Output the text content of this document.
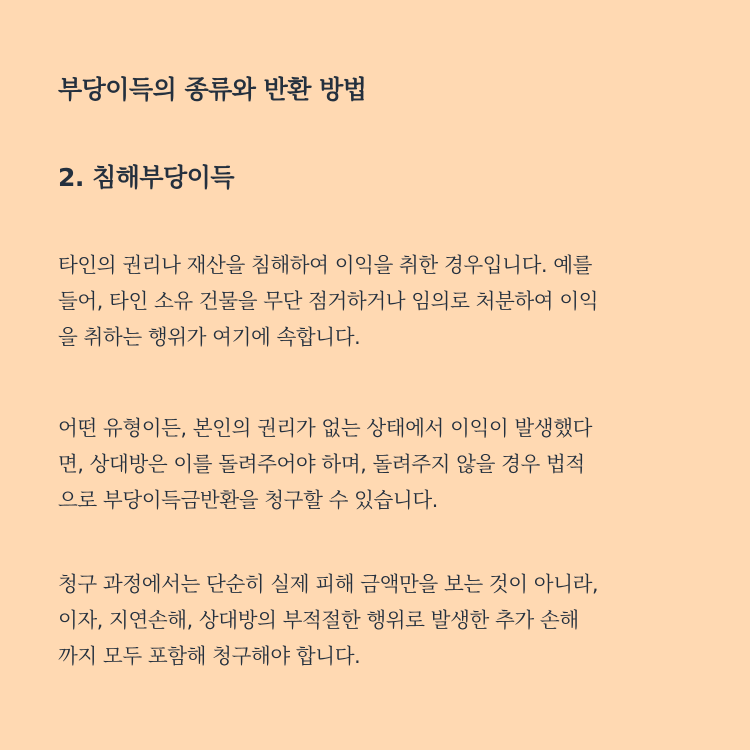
부당이득의 종류와 반환 방법
2. 침해부당이득

타인의 권리나 재산을 침해하여 이익을 취한 경우입니다. 예를
들어, 타인 소유 건물을 무단 점거하거나 임의로 처분하여 이익
을 취하는 행위가 여기에 속합니다.

어떤 유형이든, 본인의 권리가 없는 상태에서 이익이 발생했다
면, 상대방은 이를 돌려주어야 하며, 돌려주지 않을 경우 법적
으로 부당이득금반환을 청구할 수 있습니다.

청구 과정에서는 단순히 실제 피해 금액만을 보는 것이 아니라,
이자, 지연손해, 상대방의 부적절한 행위로 발생한 추가 손해
까지 모두 포함해 청구해야 합니다.
